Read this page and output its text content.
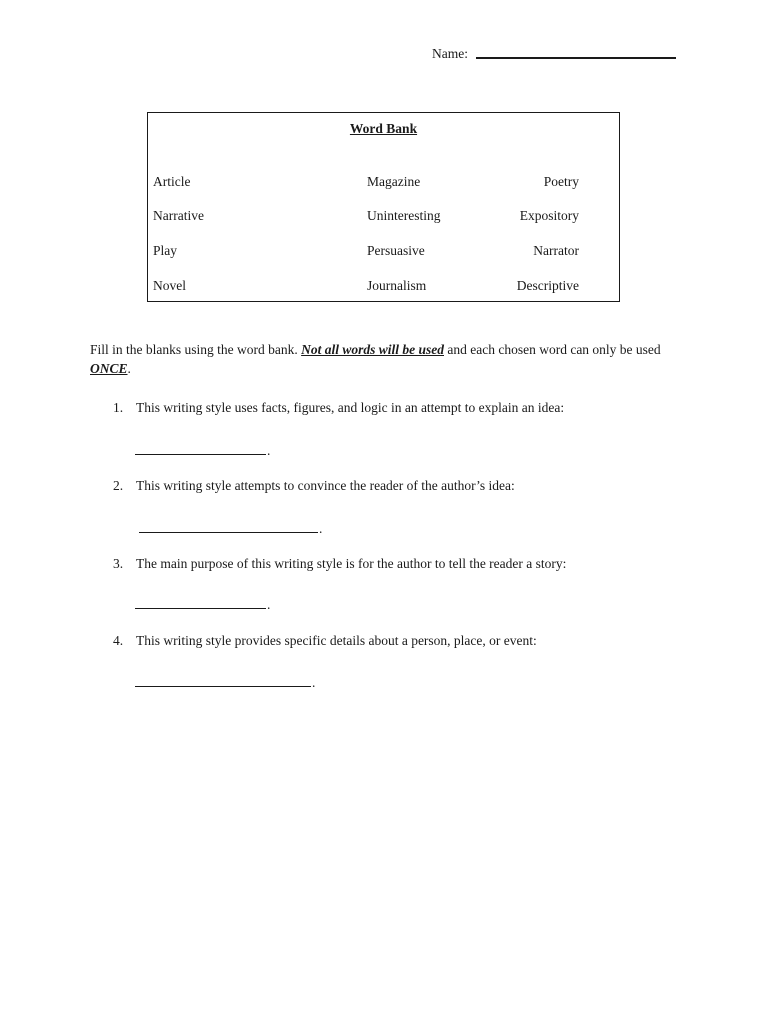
Name:
Word Bank
Article	Magazine	Poetry
Narrative	Uninteresting	Expository
Play	Persuasive	Narrator
Novel	Journalism	Descriptive
Fill in the blanks using the word bank. Not all words will be used and each chosen word can only be used
ONCE.
1. This writing style uses facts, figures, and logic in an attempt to explain an idea:
.
2. This writing style attempts to convince the reader of the author’s idea:
.
3. The main purpose of this writing style is for the author to tell the reader a story:
.
4. This writing style provides specific details about a person, place, or event:
.
